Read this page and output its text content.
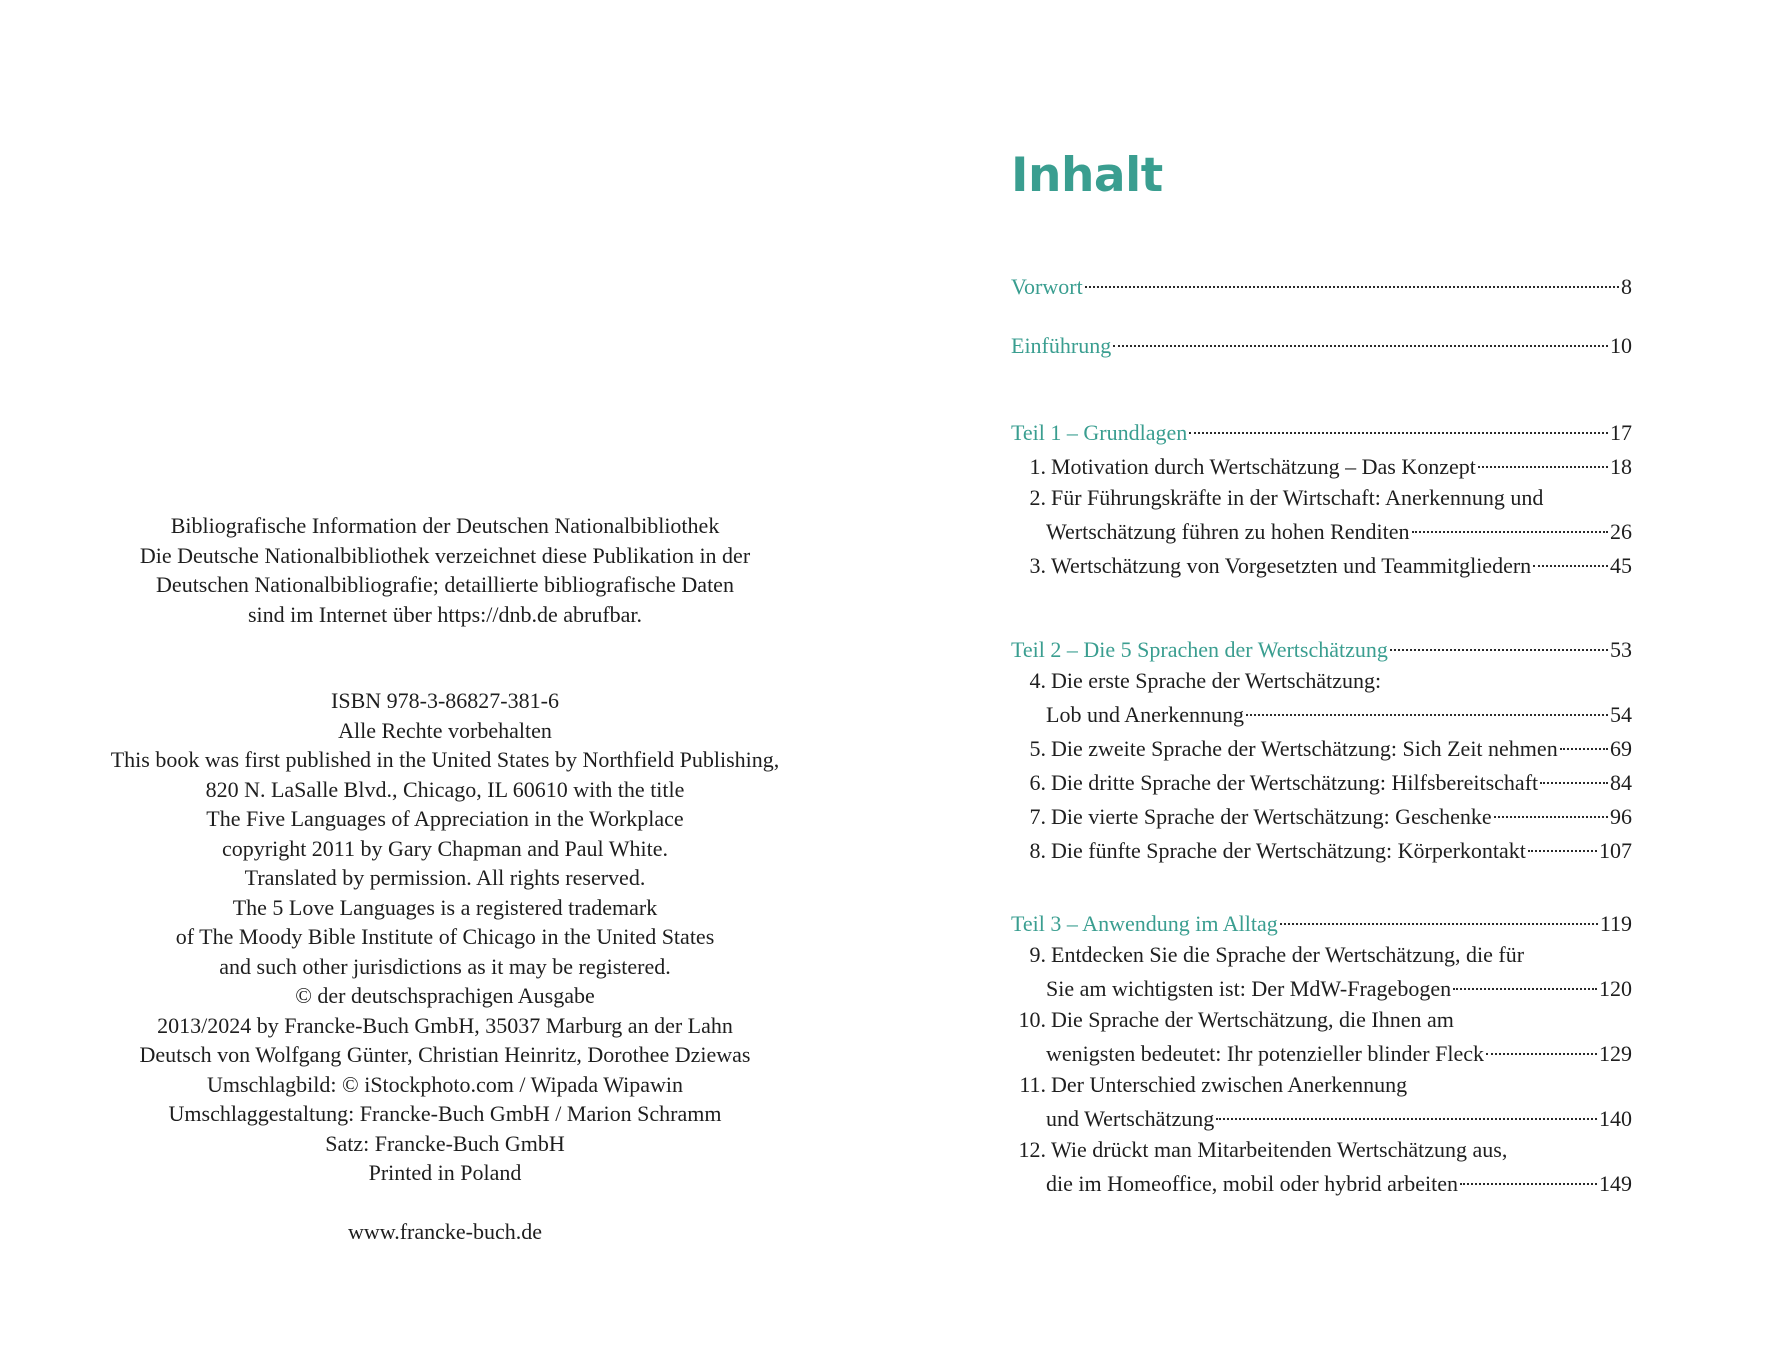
Bibliografische Information der Deutschen Nationalbibliothek
Die Deutsche Nationalbibliothek verzeichnet diese Publikation in der
Deutschen Nationalbibliografie; detaillierte bibliografische Daten
sind im Internet über https://dnb.de abrufbar.
ISBN 978-3-86827-381-6
Alle Rechte vorbehalten
This book was first published in the United States by Northfield Publishing,
820 N. LaSalle Blvd., Chicago, IL 60610 with the title
The Five Languages of Appreciation in the Workplace
copyright 2011 by Gary Chapman and Paul White.
Translated by permission. All rights reserved.
The 5 Love Languages is a registered trademark
of The Moody Bible Institute of Chicago in the United States
and such other jurisdictions as it may be registered.
© der deutschsprachigen Ausgabe
2013/2024 by Francke-Buch GmbH, 35037 Marburg an der Lahn
Deutsch von Wolfgang Günter, Christian Heinritz, Dorothee Dziewas
Umschlagbild: © iStockphoto.com / Wipada Wipawin
Umschlaggestaltung: Francke-Buch GmbH / Marion Schramm
Satz: Francke-Buch GmbH
Printed in Poland
www.francke-buch.de
Inhalt
Vorwort	8
Einführung	10
Teil 1 – Grundlagen	17
1. Motivation durch Wertschätzung – Das Konzept	18
2. Für Führungskräfte in der Wirtschaft: Anerkennung und
Wertschätzung führen zu hohen Renditen	26
3. Wertschätzung von Vorgesetzten und Teammitgliedern	45
Teil 2 – Die 5 Sprachen der Wertschätzung	53
4. Die erste Sprache der Wertschätzung:
Lob und Anerkennung	54
5. Die zweite Sprache der Wertschätzung: Sich Zeit nehmen 69
6. Die dritte Sprache der Wertschätzung: Hilfsbereitschaft	84
7. Die vierte Sprache der Wertschätzung: Geschenke	96
8. Die fünfte Sprache der Wertschätzung: Körperkontakt	107
Teil 3 – Anwendung im Alltag	119
9. Entdecken Sie die Sprache der Wertschätzung, die für
Sie am wichtigsten ist: Der MdW-Fragebogen	120
10. Die Sprache der Wertschätzung, die Ihnen am
wenigsten bedeutet: Ihr potenzieller blinder Fleck	129
11. Der Unterschied zwischen Anerkennung
und Wertschätzung	140
12. Wie drückt man Mitarbeitenden Wertschätzung aus,
die im Homeoffice, mobil oder hybrid arbeiten	149
